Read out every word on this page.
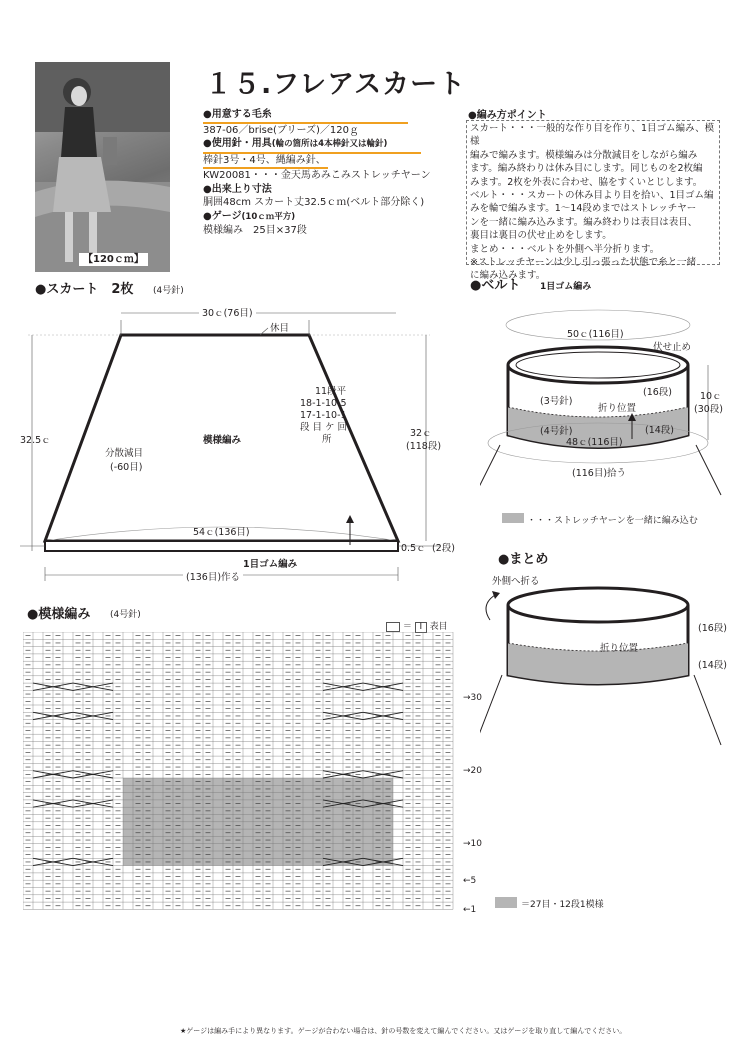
【120ｃｍ】
１５.フレアスカート
●用意する毛糸
387-06／brise(ブリーズ)／120ｇ
●使用針・用具(輪の箇所は4本棒針又は輪針) 棒針3号・4号、縄編み針、
KW20081・・・金天馬あみこみストレッチヤーン
●出来上り寸法
胴囲48cm スカート丈32.5ｃｍ(ベルト部分除く)
●ゲージ(10ｃｍ平方)
模様編み　25目×37段
●編み方ポイント
スカート・・・一般的な作り目を作り、1目ゴム編み、模様
編みで編みます。模様編みは分散減目をしながら編み
ます。編み終わりは休み目にします。同じものを2枚編
みます。2枚を外表に合わせ、脇をすくいとじします。
ベルト・・・スカートの休み目より目を拾い、1目ゴム編
みを輪で編みます。1〜14段めまではストレッチヤー
ンを一緒に編み込みます。編み終わりは表目は表目、
裏目は裏目の伏せ止めをします。
まとめ・・・ベルトを外側へ半分折ります。
※ストレッチヤーンは少し引っ張った状態で糸と一緒
に編み込みます。
●スカート　2枚 (4号針)
30ｃ(76目)
休目
32.5ｃ
32ｃ
(118段)
分散減目
(-60目)
模様編み
11段平
18-1-10-5
17-1-10-1
段 目 ケ 回
　　 所
54ｃ(136目)
0.5ｃ (2段)
1目ゴム編み
(136目)作る
●ベルト 1目ゴム編み
50ｃ(116目)
伏せ止め
(16段)
(14段)
(3号針)
(4号針)
折り位置
10ｃ
(30段)
48ｃ(116目)
(116目)拾う
・・・ストレッチヤーンを一緒に編み込む
●まとめ
外側へ折る
折り位置
(16段)
(14段)
●模様編み (4号針)
＝ I 表目
→30
→20
→10
←5
←1	＝27目・12段1模様
★ゲージは編み手により異なります。ゲージが合わない場合は、針の号数を変えて編んでください。又はゲージを取り直して編んでください。
